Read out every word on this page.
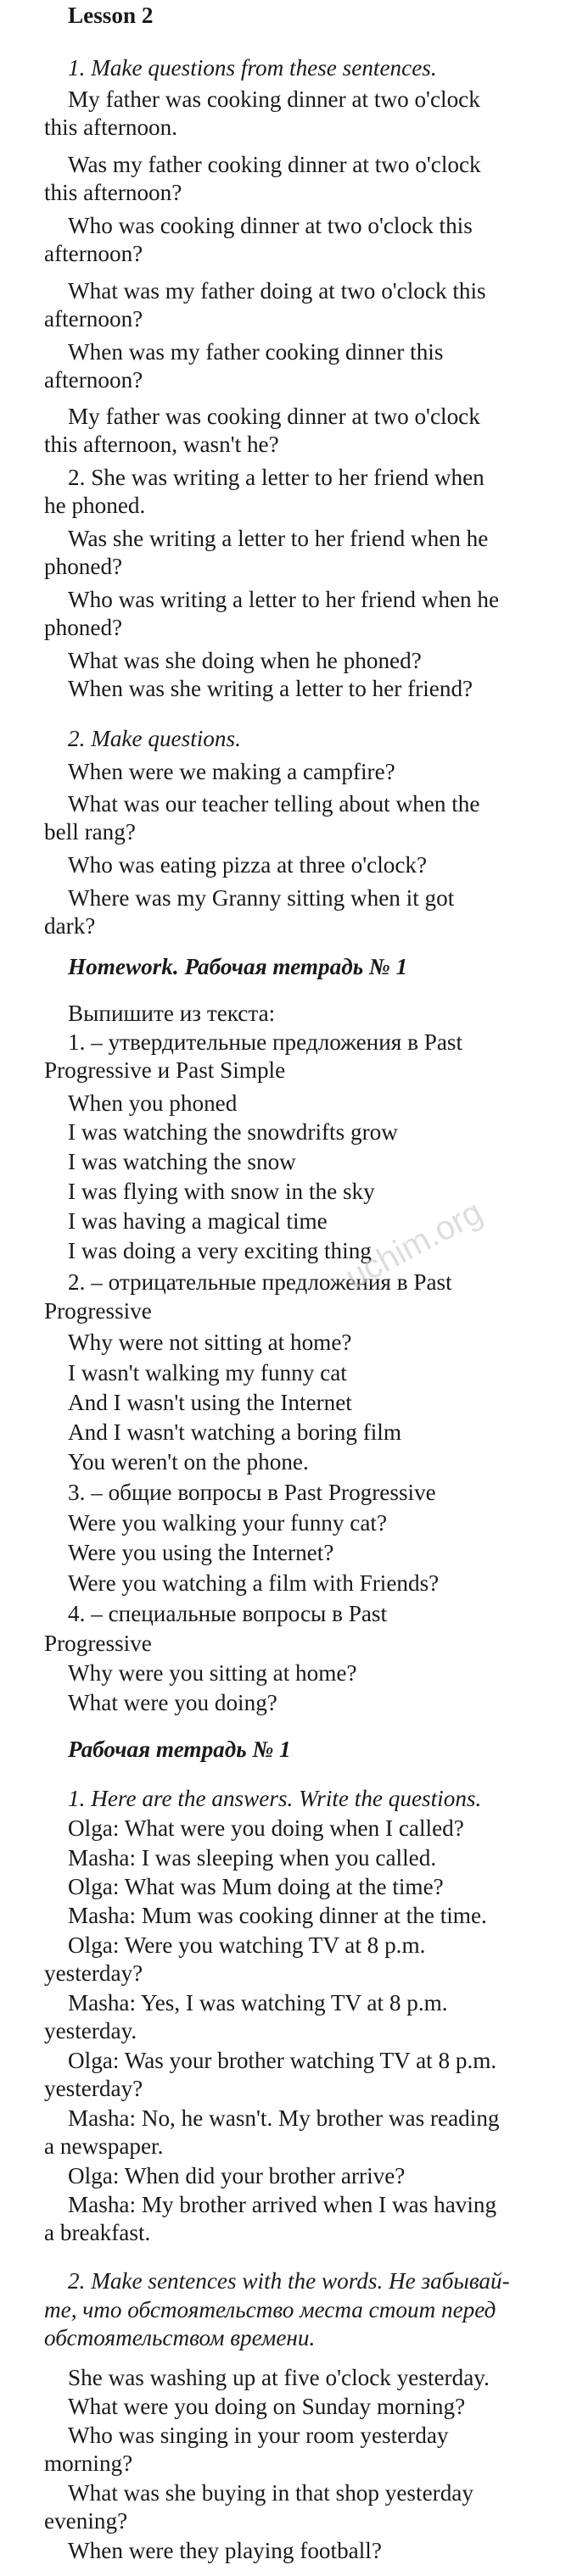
Lesson 2
1. Make questions from these sentences.
My father was cooking dinner at two o'clock
this afternoon.
Was my father cooking dinner at two o'clock
this afternoon?
Who was cooking dinner at two o'clock this
afternoon?
What was my father doing at two o'clock this
afternoon?
When was my father cooking dinner this
afternoon?
My father was cooking dinner at two o'clock
this afternoon, wasn't he?
2. She was writing a letter to her friend when
he phoned.
Was she writing a letter to her friend when he
phoned?
Who was writing a letter to her friend when he
phoned?
What was she doing when he phoned?
When was she writing a letter to her friend?
2. Make questions.
When were we making a campfire?
What was our teacher telling about when the
bell rang?
Who was eating pizza at three o'clock?
Where was my Granny sitting when it got
dark?
Homework. Рабочая тетрадь № 1
Выпишите из текста:
1. – утвердительные предложения в Past
Progressive и Past Simple
When you phoned
I was watching the snowdrifts grow
I was watching the snow
I was flying with snow in the sky
I was having a magical time
I was doing a very exciting thing
2. – отрицательные предложения в Past
Progressive
Why were not sitting at home?
I wasn't walking my funny cat
And I wasn't using the Internet
And I wasn't watching a boring film
You weren't on the phone.
3. – общие вопросы в Past Progressive
Were you walking your funny cat?
Were you using the Internet?
Were you watching a film with Friends?
4. – специальные вопросы в Past
Progressive
Why were you sitting at home?
What were you doing?
Рабочая тетрадь № 1
1. Here are the answers. Write the questions.
Olga: What were you doing when I called?
Masha: I was sleeping when you called.
Olga: What was Mum doing at the time?
Masha: Mum was cooking dinner at the time.
Olga: Were you watching TV at 8 p.m.
yesterday?
Masha: Yes, I was watching TV at 8 p.m.
yesterday.
Olga: Was your brother watching TV at 8 p.m.
yesterday?
Masha: No, he wasn't. My brother was reading
a newspaper.
Olga: When did your brother arrive?
Masha: My brother arrived when I was having
a breakfast.
2. Make sentences with the words. Не забывай-
те, что обстоятельство места стоит перед
обстоятельством времени.
She was washing up at five o'clock yesterday.
What were you doing on Sunday morning?
Who was singing in your room yesterday
morning?
What was she buying in that shop yesterday
evening?
When were they playing football?
uchim.org
